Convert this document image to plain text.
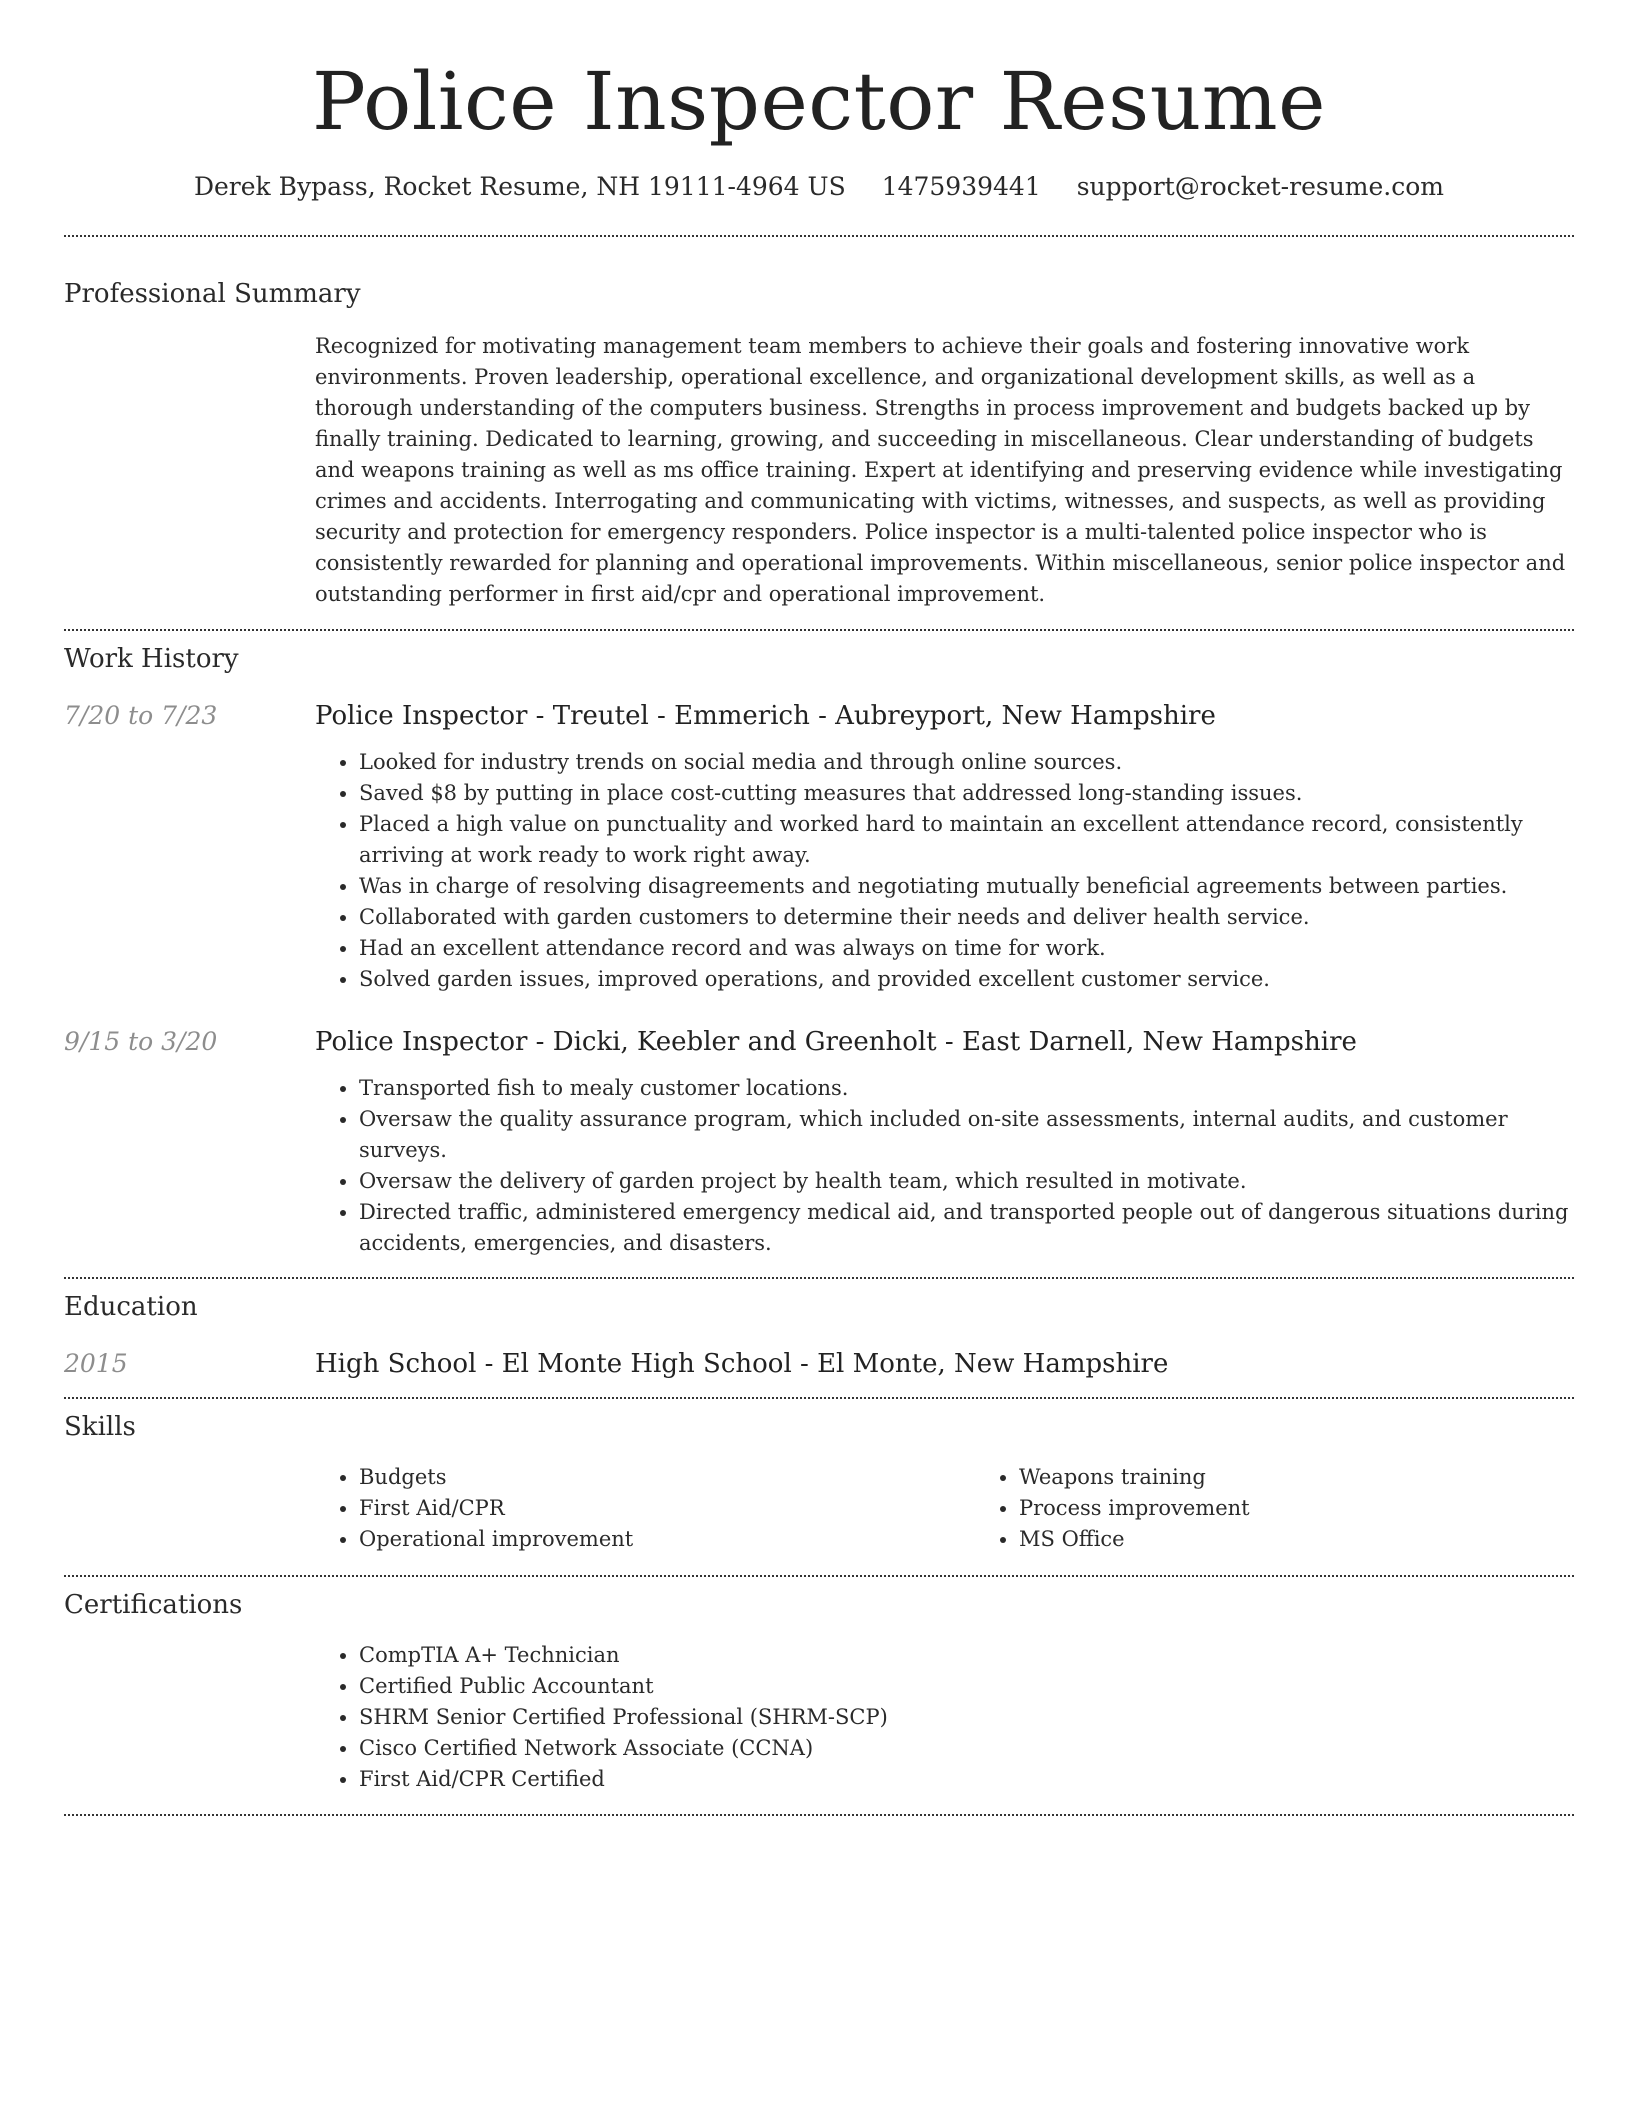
Police Inspector Resume
Derek Bypass, Rocket Resume, NH 19111-4964 US 1475939441 support@rocket-resume.com
Professional Summary

Recognized for motivating management team members to achieve their goals and fostering innovative work environments. Proven leadership, operational excellence, and organizational development skills, as well as a thorough understanding of the computers business. Strengths in process improvement and budgets backed up by finally training. Dedicated to learning, growing, and succeeding in miscellaneous. Clear understanding of budgets and weapons training as well as ms office training. Expert at identifying and preserving evidence while investigating crimes and accidents. Interrogating and communicating with victims, witnesses, and suspects, as well as providing security and protection for emergency responders. Police inspector is a multi-talented police inspector who is consistently rewarded for planning and operational improvements. Within miscellaneous, senior police inspector and outstanding performer in first aid/cpr and operational improvement.

Work History
7/20 to 7/23	Police Inspector - Treutel - Emmerich - Aubreyport, New Hampshire
• Looked for industry trends on social media and through online sources.
• Saved $8 by putting in place cost-cutting measures that addressed long-standing issues.
• Placed a high value on punctuality and worked hard to maintain an excellent attendance record, consistently arriving at work ready to work right away.
• Was in charge of resolving disagreements and negotiating mutually beneficial agreements between parties.
• Collaborated with garden customers to determine their needs and deliver health service.
• Had an excellent attendance record and was always on time for work.
• Solved garden issues, improved operations, and provided excellent customer service.
9/15 to 3/20	Police Inspector - Dicki, Keebler and Greenholt - East Darnell, New Hampshire
• Transported fish to mealy customer locations.
• Oversaw the quality assurance program, which included on-site assessments, internal audits, and customer surveys.
• Oversaw the delivery of garden project by health team, which resulted in motivate.
• Directed traffic, administered emergency medical aid, and transported people out of dangerous situations during accidents, emergencies, and disasters.
Education
2015	High School - El Monte High School - El Monte, New Hampshire
Skills
• Budgets
• First Aid/CPR
• Operational improvement
• Weapons training
• Process improvement
• MS Office
Certifications
• CompTIA A+ Technician
• Certified Public Accountant
• SHRM Senior Certified Professional (SHRM-SCP)
• Cisco Certified Network Associate (CCNA)
• First Aid/CPR Certified
